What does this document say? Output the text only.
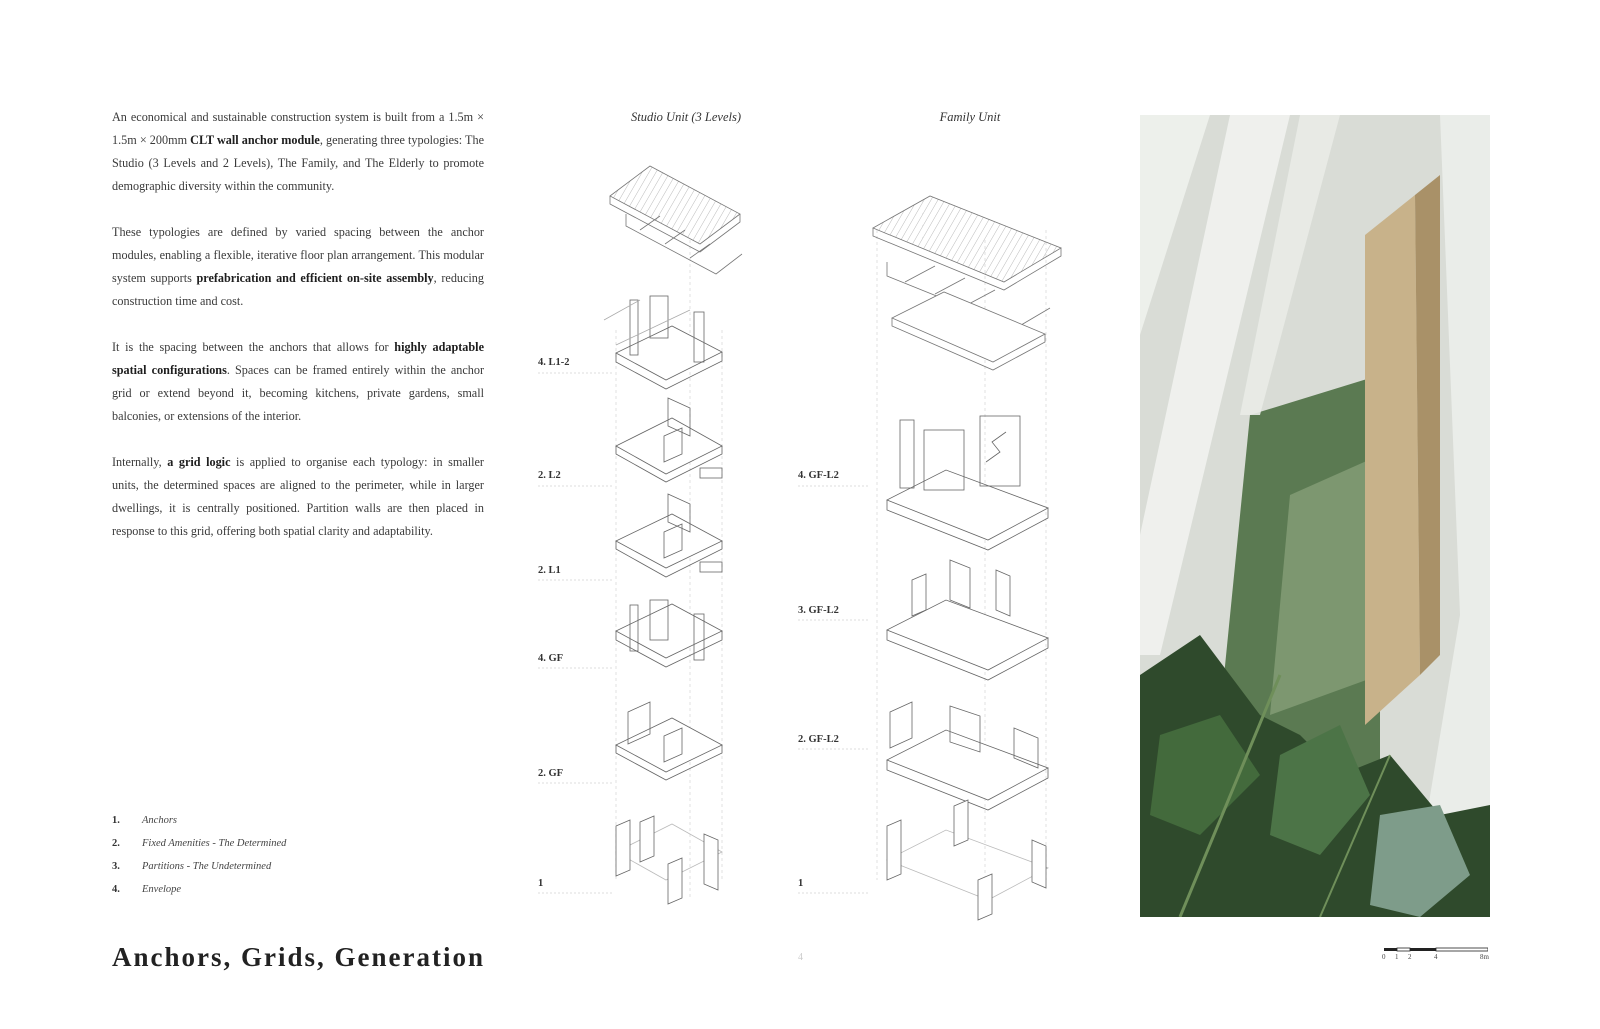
An economical and sustainable construction system is built from a 1.5m × 1.5m × 200mm CLT wall anchor module, generating three typologies: The Studio (3 Levels and 2 Levels), The Family, and The Elderly to promote demographic diversity within the community.

These typologies are defined by varied spacing between the anchor modules, enabling a flexible, iterative floor plan arrangement. This modular system supports prefabrication and efficient on-site assembly, reducing construction time and cost.

It is the spacing between the anchors that allows for highly adaptable spatial configurations. Spaces can be framed entirely within the anchor grid or extend beyond it, becoming kitchens, private gardens, small balconies, or extensions of the interior.

Internally, a grid logic is applied to organise each typology: in smaller units, the determined spaces are aligned to the perimeter, while in larger dwellings, it is centrally positioned. Partition walls are then placed in response to this grid, offering both spatial clarity and adaptability.

1.	Anchors
2.	Fixed Amenities - The Determined
3.	Partitions - The Undetermined
4.	Envelope
Anchors, Grids, Generation	4
Studio Unit (3 Levels)	Family Unit
4. L1-2
2. L2
2. L1
4. GF
2. GF
1
4. GF-L2
3. GF-L2
2. GF-L2
1
0 1 2	4	8m
